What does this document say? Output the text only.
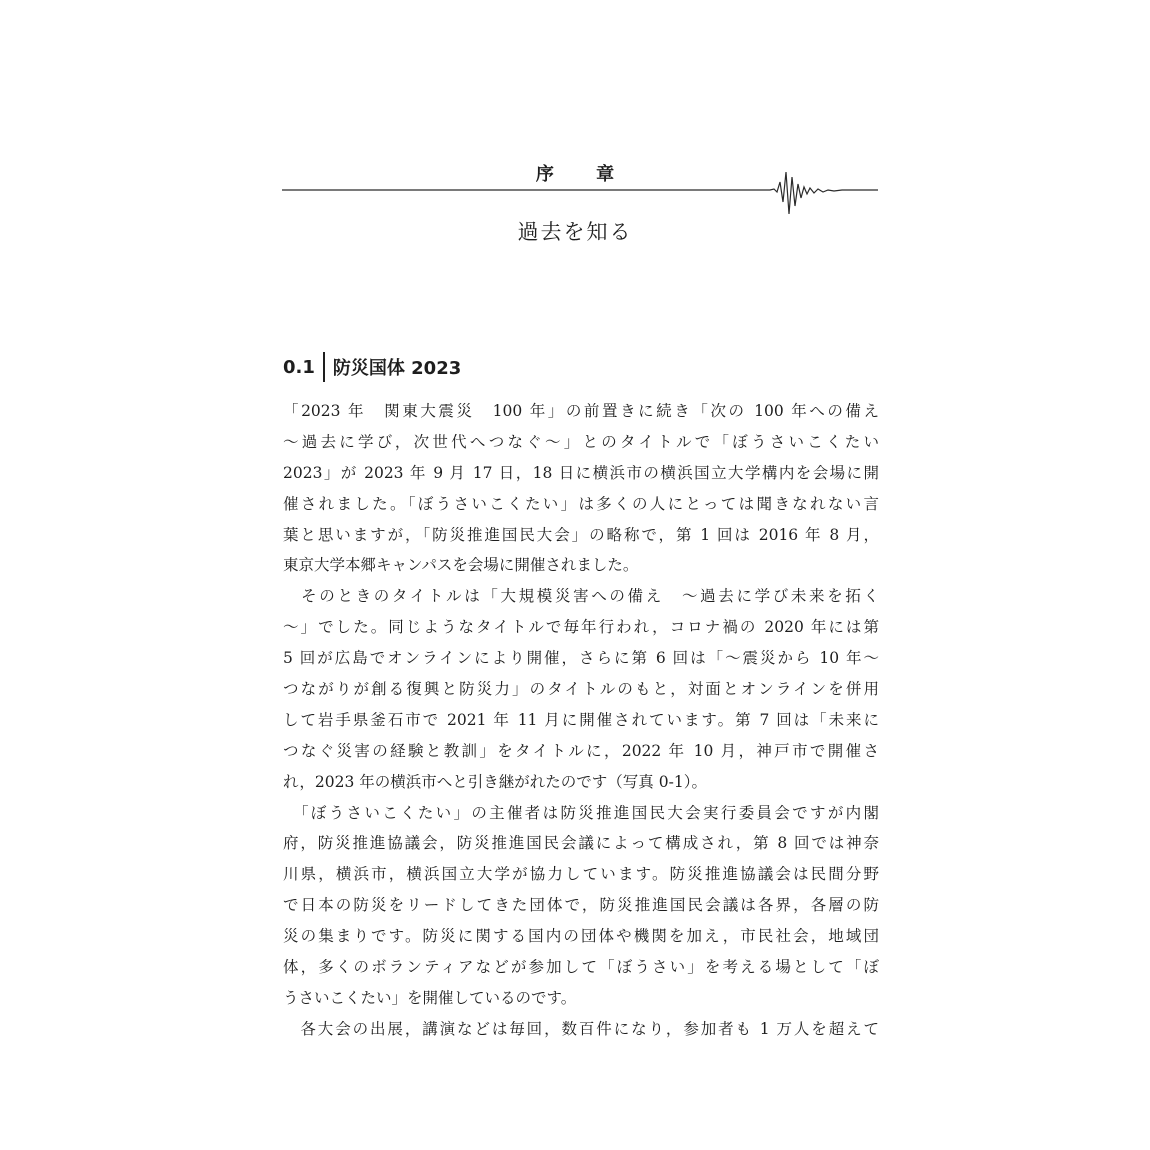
序 章
過去を知る
0.1	防災国体 2023
「2023 年　関東大震災　100 年」の前置きに続き「次の 100 年への備え
～過去に学び，次世代へつなぐ～」とのタイトルで「ぼうさいこくたい
2023」が 2023 年 9 月 17 日，18 日に横浜市の横浜国立大学構内を会場に開
催されました。「ぼうさいこくたい」は多くの人にとっては聞きなれない言
葉と思いますが，「防災推進国民大会」の略称で，第 1 回は 2016 年 8 月，
東京大学本郷キャンパスを会場に開催されました。
　そのときのタイトルは「大規模災害への備え　～過去に学び未来を拓く
～」でした。同じようなタイトルで毎年行われ，コロナ禍の 2020 年には第
5 回が広島でオンラインにより開催，さらに第 6 回は「～震災から 10 年～
つながりが創る復興と防災力」のタイトルのもと，対面とオンラインを併用
して岩手県釜石市で 2021 年 11 月に開催されています。第 7 回は「未来に
つなぐ災害の経験と教訓」をタイトルに，2022 年 10 月，神戸市で開催さ
れ，2023 年の横浜市へと引き継がれたのです（写真 0-1）。
　「ぼうさいこくたい」の主催者は防災推進国民大会実行委員会ですが内閣
府，防災推進協議会，防災推進国民会議によって構成され，第 8 回では神奈
川県，横浜市，横浜国立大学が協力しています。防災推進協議会は民間分野
で日本の防災をリードしてきた団体で，防災推進国民会議は各界，各層の防
災の集まりです。防災に関する国内の団体や機関を加え，市民社会，地域団
体，多くのボランティアなどが参加して「ぼうさい」を考える場として「ぼ
うさいこくたい」を開催しているのです。
　各大会の出展，講演などは毎回，数百件になり，参加者も 1 万人を超えて
